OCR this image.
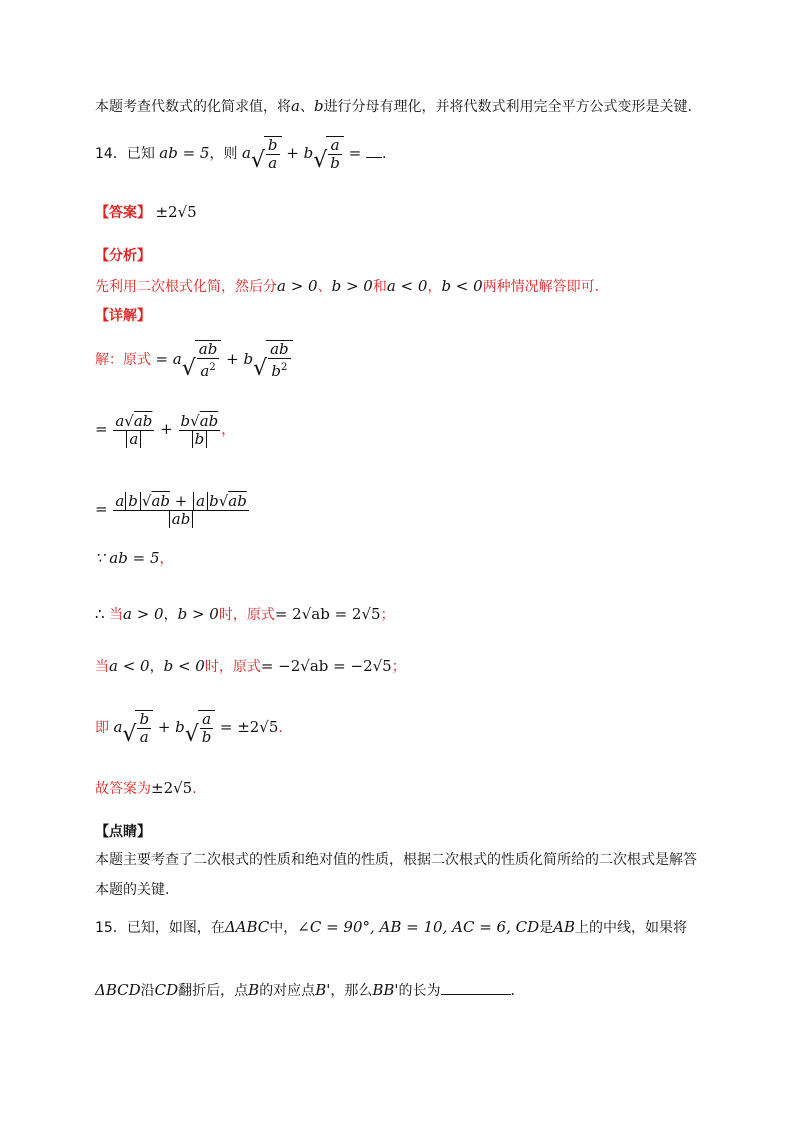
本题考查代数式的化简求值，将a、b进行分母有理化，并将代数式利用完全平方公式变形是关键.
14．已知 ab = 5，则 a √ $\frac{b}{a} + b$ √ $\frac{a}{b}$ = .
【答案】 ±2√5
【分析】
先利用二次根式化简，然后分a > 0、b > 0和a < 0，b < 0两种情况解答即可.
【详解】
解：原式 = a √ $\frac{ab}{a^2} + b$ √ $\frac{ab}{b^2}$
= $\frac{a√ab}{a} + \frac{b√ab}{b}$ ，
= $\frac{\text{a b √ab + a b√ab}}{ab}$
∵ ab = 5，
∴ 当a > 0，b > 0时，原式= 2√ab = 2√5；
当a < 0，b < 0时，原式= −2√ab = −2√5；
即 a √ $\frac{b}{a} + b$ √ $\frac{a}{b} = \pm 2√5$.
故答案为±2√5.
【点睛】
本题主要考查了二次根式的性质和绝对值的性质，根据二次根式的性质化简所给的二次根式是解答
本题的关键.
15．已知，如图，在ΔABC中，∠C = 90°, AB = 10, AC = 6, CD是AB上的中线，如果将
ΔBCD沿CD翻折后，点B的对应点B'，那么BB'的长为	.
